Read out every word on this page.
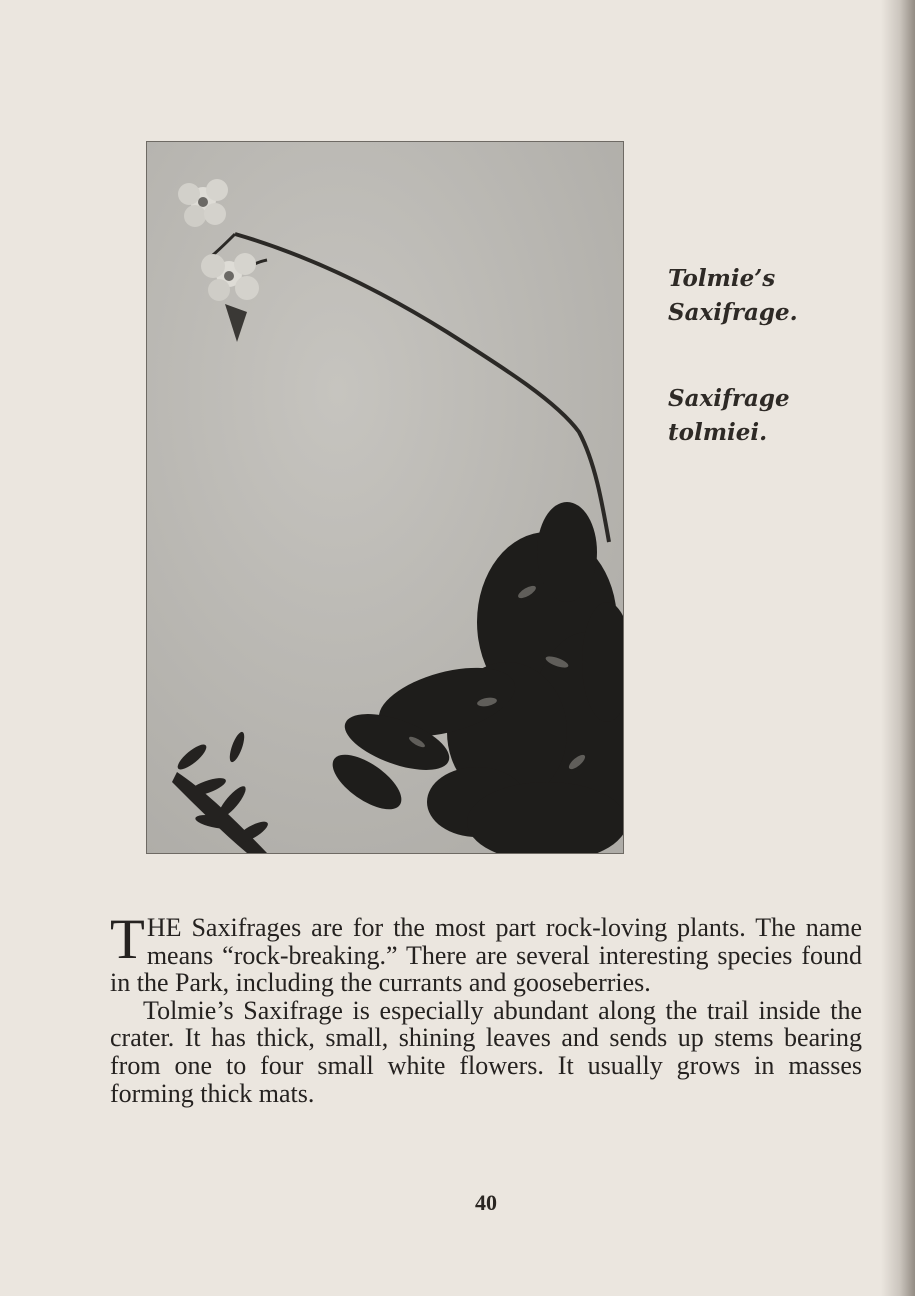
Tolmie’s
Saxifrage.
Saxifrage
tolmiei.

THE Saxifrages are for the most part rock-loving plants. The name means “rock-breaking.” There are several interesting species found in the Park, including the currants and gooseberries.

Tolmie’s Saxifrage is especially abundant along the trail inside the crater. It has thick, small, shining leaves and sends up stems bearing from one to four small white flowers. It usually grows in masses forming thick mats.

40
